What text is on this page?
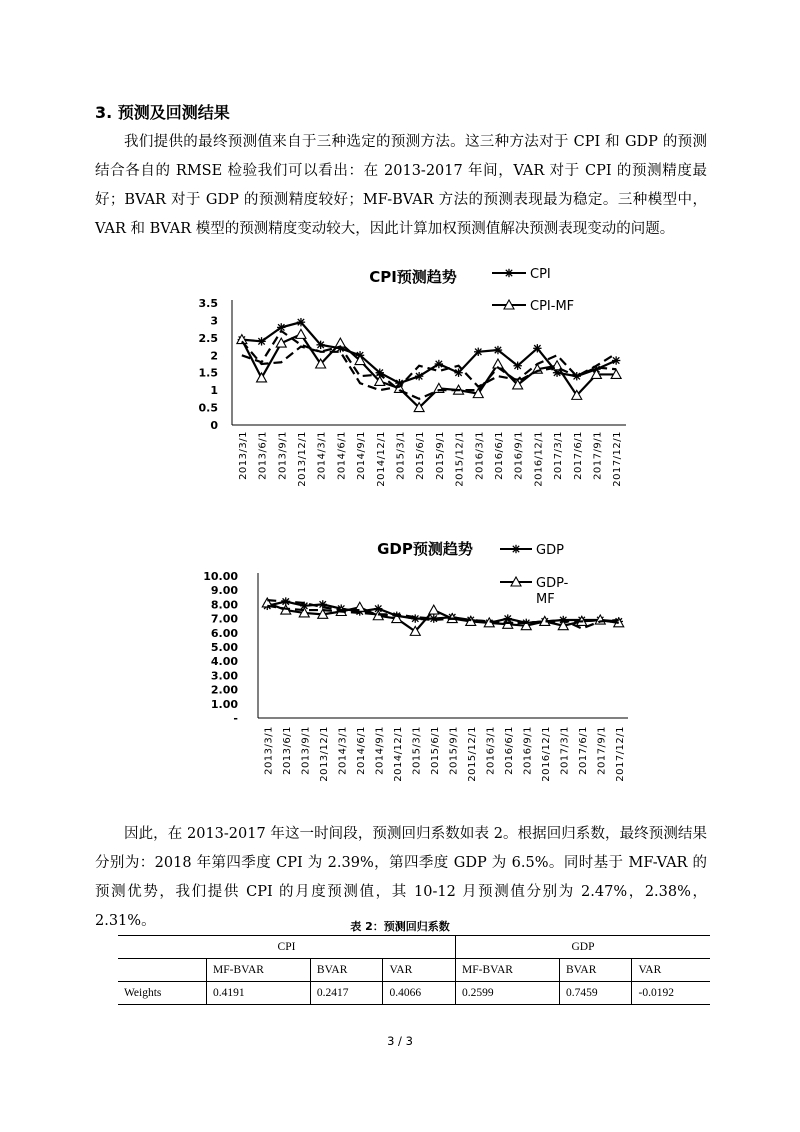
3. 预测及回测结果

我们提供的最终预测值来自于三种选定的预测方法。这三种方法对于 CPI 和 GDP 的预测结合各自的 RMSE 检验我们可以看出：在 2013-2017 年间，VAR 对于 CPI 的预测精度最好；BVAR 对于 GDP 的预测精度较好；MF-BVAR 方法的预测表现最为稳定。三种模型中，VAR 和 BVAR 模型的预测精度变动较大，因此计算加权预测值解决预测表现变动的问题。

CPI预测趋势
0
0.5
1
1.5
2
2.5
3
3.5
2013/3/1 2013/6/1 2013/9/1 2013/12/1 2014/3/1 2014/6/1 2014/9/1 2014/12/1 2015/3/1 2015/6/1 2015/9/1 2015/12/1 2016/3/1 2016/6/1 2016/9/1 2016/12/1 2017/3/1 2017/6/1 2017/9/1 2017/12/1
CPI
CPI-MF
GDP预测趋势
-
1.00
2.00
3.00
4.00
5.00
6.00
7.00
8.00
9.00
10.00
2013/3/1 2013/6/1 2013/9/1 2013/12/1 2014/3/1 2014/6/1 2014/9/1 2014/12/1 2015/3/1 2015/6/1 2015/9/1 2015/12/1 2016/3/1 2016/6/1 2016/9/1 2016/12/1 2017/3/1 2017/6/1 2017/9/1 2017/12/1
GDP
GDP-MF

因此，在 2013-2017 年这一时间段，预测回归系数如表 2。根据回归系数，最终预测结果分别为：2018 年第四季度 CPI 为 2.39%，第四季度 GDP 为 6.5%。同时基于 MF-VAR 的预测优势，我们提供 CPI 的月度预测值，其 10-12 月预测值分别为 2.47%，2.38%，2.31%。	表 2：预测回归系数
CPI				GDP		
	MF-BVAR	BVAR	VAR	MF-BVAR	BVAR	VAR
Weights	0.4191	0.2417	0.4066	0.2599	0.7459	-0.0192
3 / 3
